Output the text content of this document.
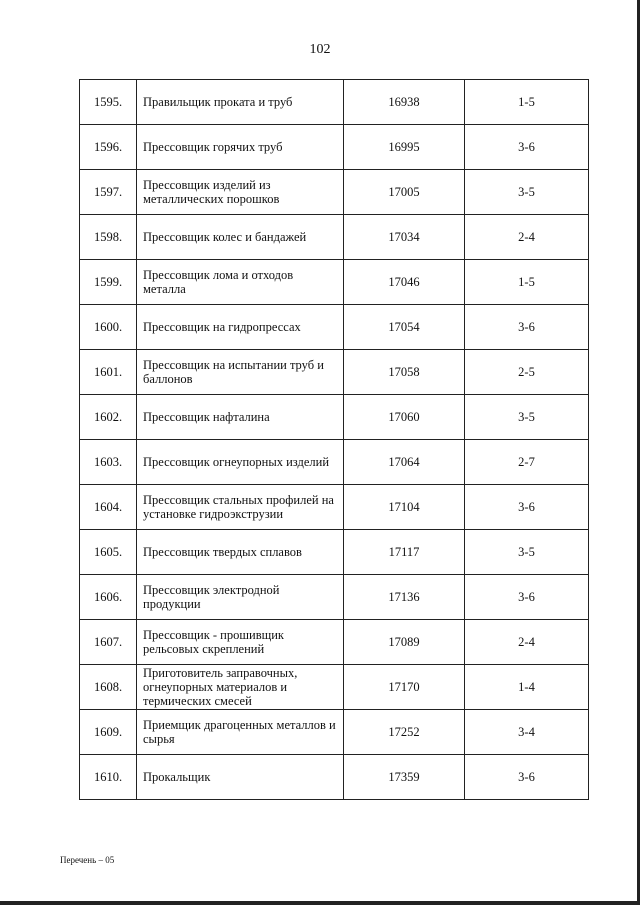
102
1595.	Правильщик проката и труб	16938	1-5
1596.	Прессовщик горячих труб	16995	3-6
1597.	Прессовщик изделий из металлических порошков	17005	3-5
1598.	Прессовщик колес и бандажей	17034	2-4
1599.	Прессовщик лома и отходов металла	17046	1-5
1600.	Прессовщик на гидропрессах	17054	3-6
1601.	Прессовщик на испытании труб и баллонов	17058	2-5
1602.	Прессовщик нафталина	17060	3-5
1603.	Прессовщик огнеупорных изделий	17064	2-7
1604.	Прессовщик стальных профилей на установке гидроэкструзии	17104	3-6
1605.	Прессовщик твердых сплавов	17117	3-5
1606.	Прессовщик электродной продукции	17136	3-6
1607.	Прессовщик - прошивщик рельсовых скреплений	17089	2-4
1608.	Приготовитель заправочных, огнеупорных материалов и термических смесей	17170	1-4
1609.	Приемщик драгоценных металлов и сырья	17252	3-4
1610.	Прокальщик	17359	3-6
Перечень – 05
